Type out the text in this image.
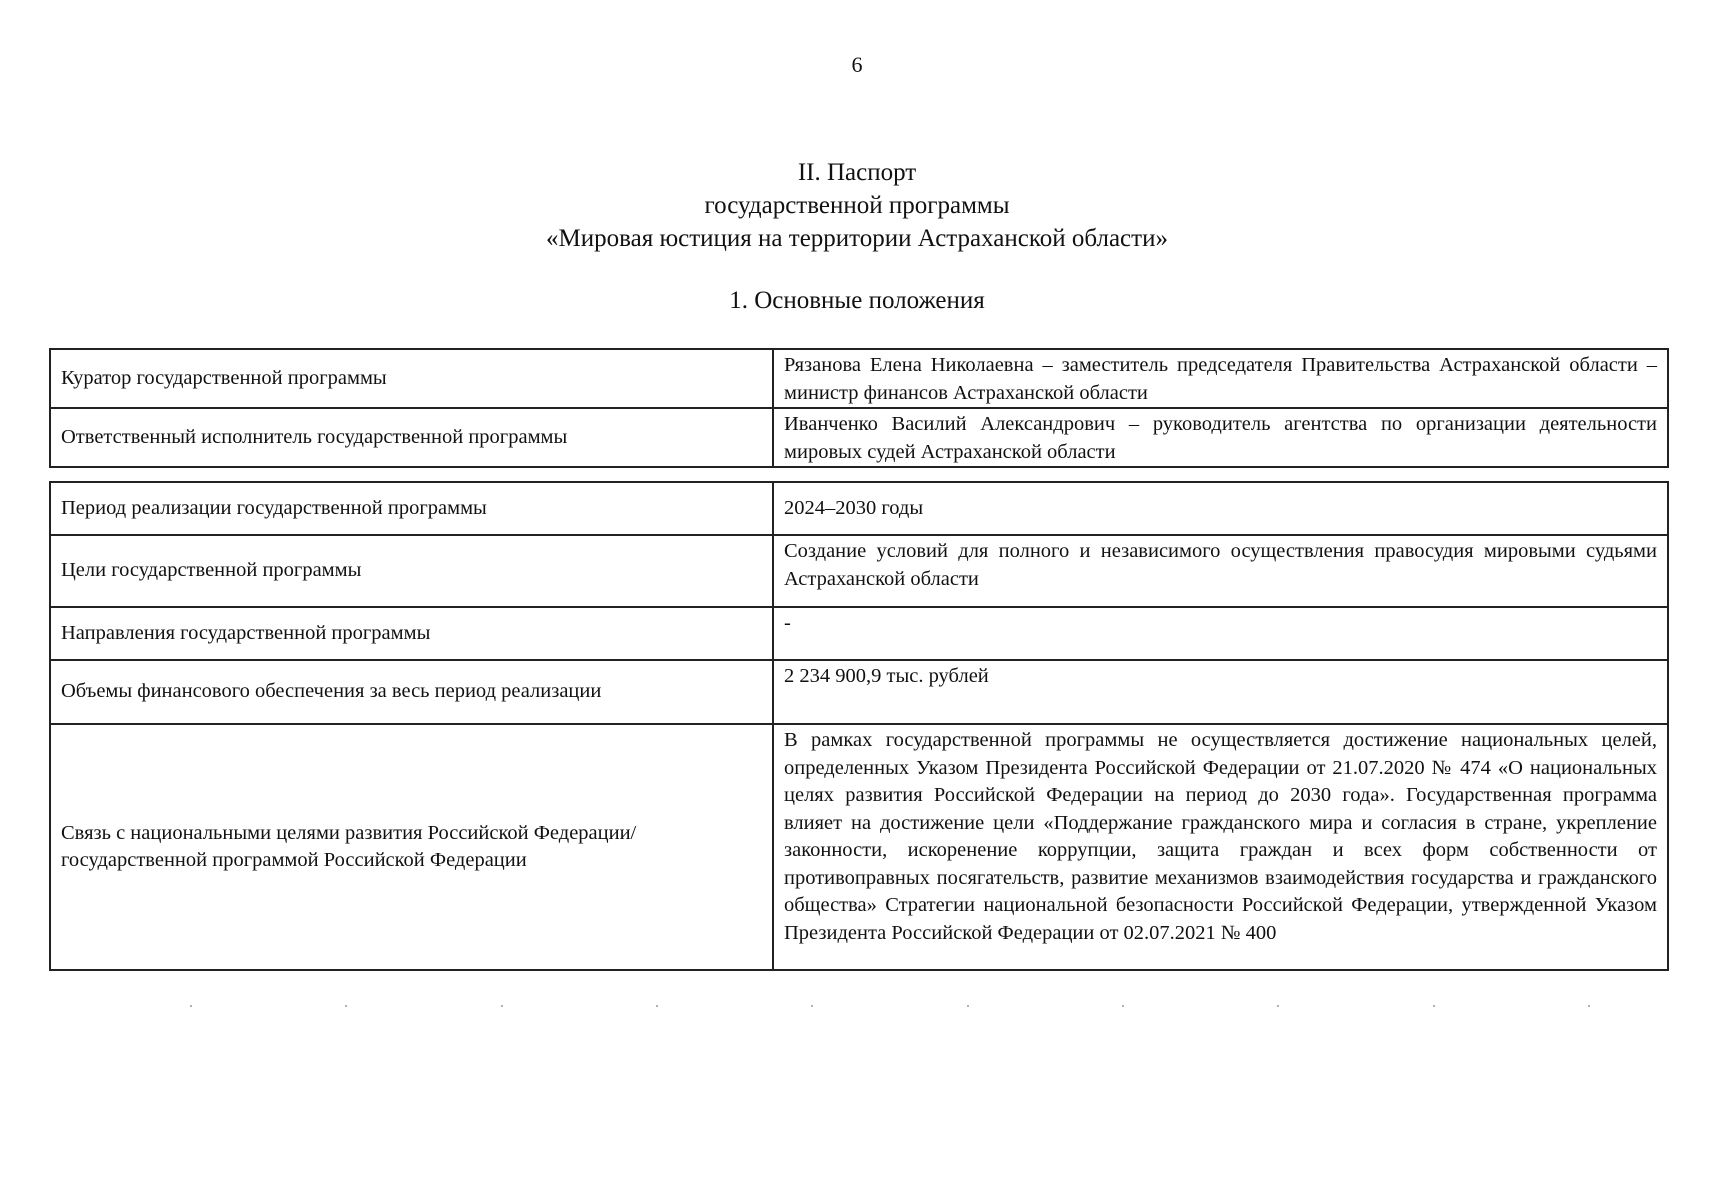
6
II. Паспорт
государственной программы
«Мировая юстиция на территории Астраханской области»
1. Основные положения
Куратор государственной программы	Рязанова Елена Николаевна – заместитель председателя Правительства Астраханской области – министр финансов Астраханской области
Ответственный исполнитель государственной программы	Иванченко Василий Александрович – руководитель агентства по организации деятельности мировых судей Астраханской области
Период реализации государственной программы	2024–2030 годы
Цели государственной программы	Создание условий для полного и независимого осуществления правосудия мировыми судьями Астраханской области
Направления государственной программы	-
Объемы финансового обеспечения за весь период реализации	2 234 900,9 тыс. рублей
Связь с национальными целями развития Российской Федерации/ государственной программой Российской Федерации	В рамках государственной программы не осуществляется достижение национальных целей, определенных Указом Президента Российской Федерации от 21.07.2020 № 474 «О национальных целях развития Российской Федерации на период до 2030 года». Государственная программа влияет на достижение цели «Поддержание гражданского мира и согласия в стране, укрепление законности, искоренение коррупции, защита граждан и всех форм собственности от противоправных посягательств, развитие механизмов взаимодействия государства и гражданского общества» Стратегии национальной безопасности Российской Федерации, утвержденной Указом Президента Российской Федерации от 02.07.2021 № 400
